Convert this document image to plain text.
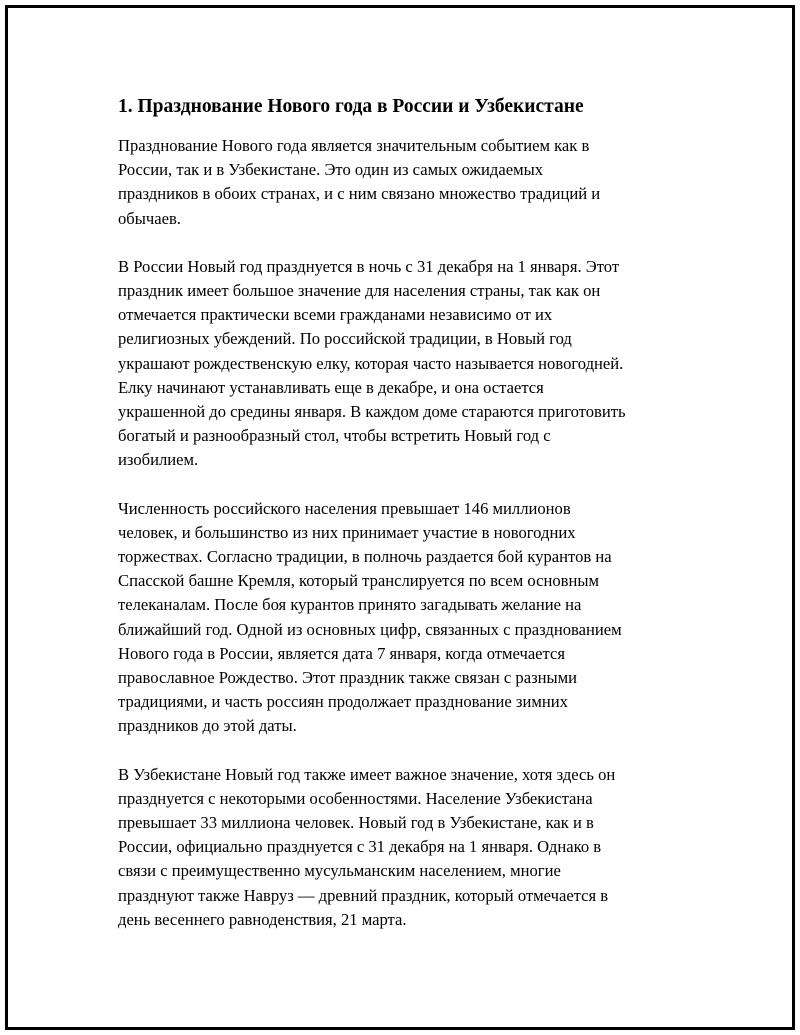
1. Празднование Нового года в России и Узбекистане
Празднование Нового года является значительным событием как в
России, так и в Узбекистане. Это один из самых ожидаемых
праздников в обоих странах, и с ним связано множество традиций и
обычаев.
В России Новый год празднуется в ночь с 31 декабря на 1 января. Этот
праздник имеет большое значение для населения страны, так как он
отмечается практически всеми гражданами независимо от их
религиозных убеждений. По российской традиции, в Новый год
украшают рождественскую елку, которая часто называется новогодней.
Елку начинают устанавливать еще в декабре, и она остается
украшенной до средины января. В каждом доме стараются приготовить
богатый и разнообразный стол, чтобы встретить Новый год с
изобилием.
Численность российского населения превышает 146 миллионов
человек, и большинство из них принимает участие в новогодних
торжествах. Согласно традиции, в полночь раздается бой курантов на
Спасской башне Кремля, который транслируется по всем основным
телеканалам. После боя курантов принято загадывать желание на
ближайший год. Одной из основных цифр, связанных с празднованием
Нового года в России, является дата 7 января, когда отмечается
православное Рождество. Этот праздник также связан с разными
традициями, и часть россиян продолжает празднование зимних
праздников до этой даты.
В Узбекистане Новый год также имеет важное значение, хотя здесь он
празднуется с некоторыми особенностями. Население Узбекистана
превышает 33 миллиона человек. Новый год в Узбекистане, как и в
России, официально празднуется с 31 декабря на 1 января. Однако в
связи с преимущественно мусульманским населением, многие
празднуют также Навруз — древний праздник, который отмечается в
день весеннего равноденствия, 21 марта.
